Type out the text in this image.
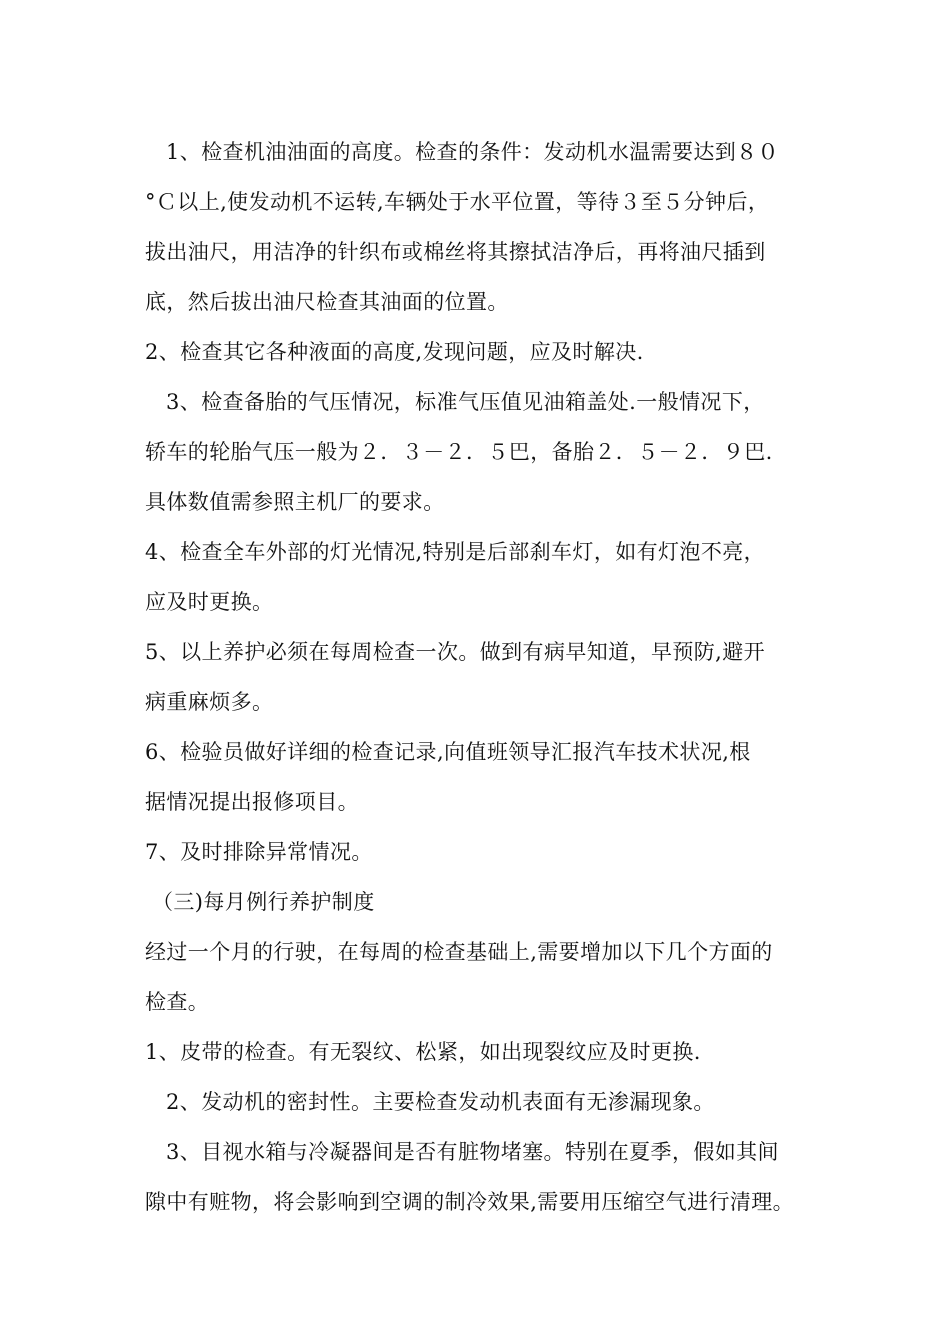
1、检查机油油面的高度。检查的条件：发动机水温需要达到８０
°Ｃ以上,使发动机不运转,车辆处于水平位置，等待３至５分钟后，
拔出油尺，用洁净的针织布或棉丝将其擦拭洁净后，再将油尺插到
底，然后拔出油尺检查其油面的位置。
2、检查其它各种液面的高度,发现问题，应及时解决.
3、检查备胎的气压情况，标准气压值见油箱盖处.一般情况下，
轿车的轮胎气压一般为２．３－２．５巴，备胎２．５－２．９巴.
具体数值需参照主机厂的要求。
4、检查全车外部的灯光情况,特别是后部刹车灯，如有灯泡不亮，
应及时更换。
5、以上养护必须在每周检查一次。做到有病早知道，早预防,避开
病重麻烦多。
6、检验员做好详细的检查记录,向值班领导汇报汽车技术状况,根
据情况提出报修项目。
7、及时排除异常情况。
（三)每月例行养护制度
经过一个月的行驶，在每周的检查基础上,需要增加以下几个方面的
检查。
1、皮带的检查。有无裂纹、松紧，如出现裂纹应及时更换.
2、发动机的密封性。主要检查发动机表面有无渗漏现象。
3、目视水箱与冷凝器间是否有脏物堵塞。特别在夏季，假如其间
隙中有赃物，将会影响到空调的制冷效果,需要用压缩空气进行清理。
